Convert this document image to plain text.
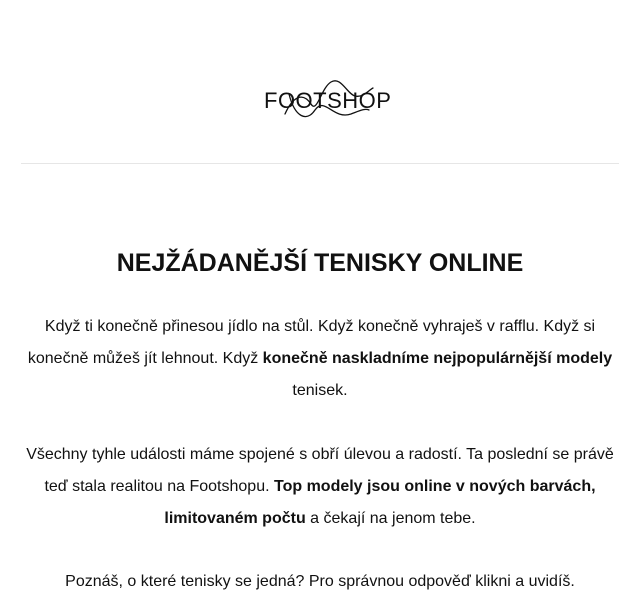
FOOTSHOP
NEJŽÁDANĚJŠÍ TENISKY ONLINE

Když ti konečně přinesou jídlo na stůl. Když konečně vyhraješ v rafflu. Když si konečně můžeš jít lehnout. Když konečně naskladníme nejpopulárnější modely tenisek.

Všechny tyhle události máme spojené s obří úlevou a radostí. Ta poslední se právě teď stala realitou na Footshopu. Top modely jsou online v nových barvách, limitovaném počtu a čekají na jenom tebe.

Poznáš, o které tenisky se jedná? Pro správnou odpověď klikni a uvidíš.
